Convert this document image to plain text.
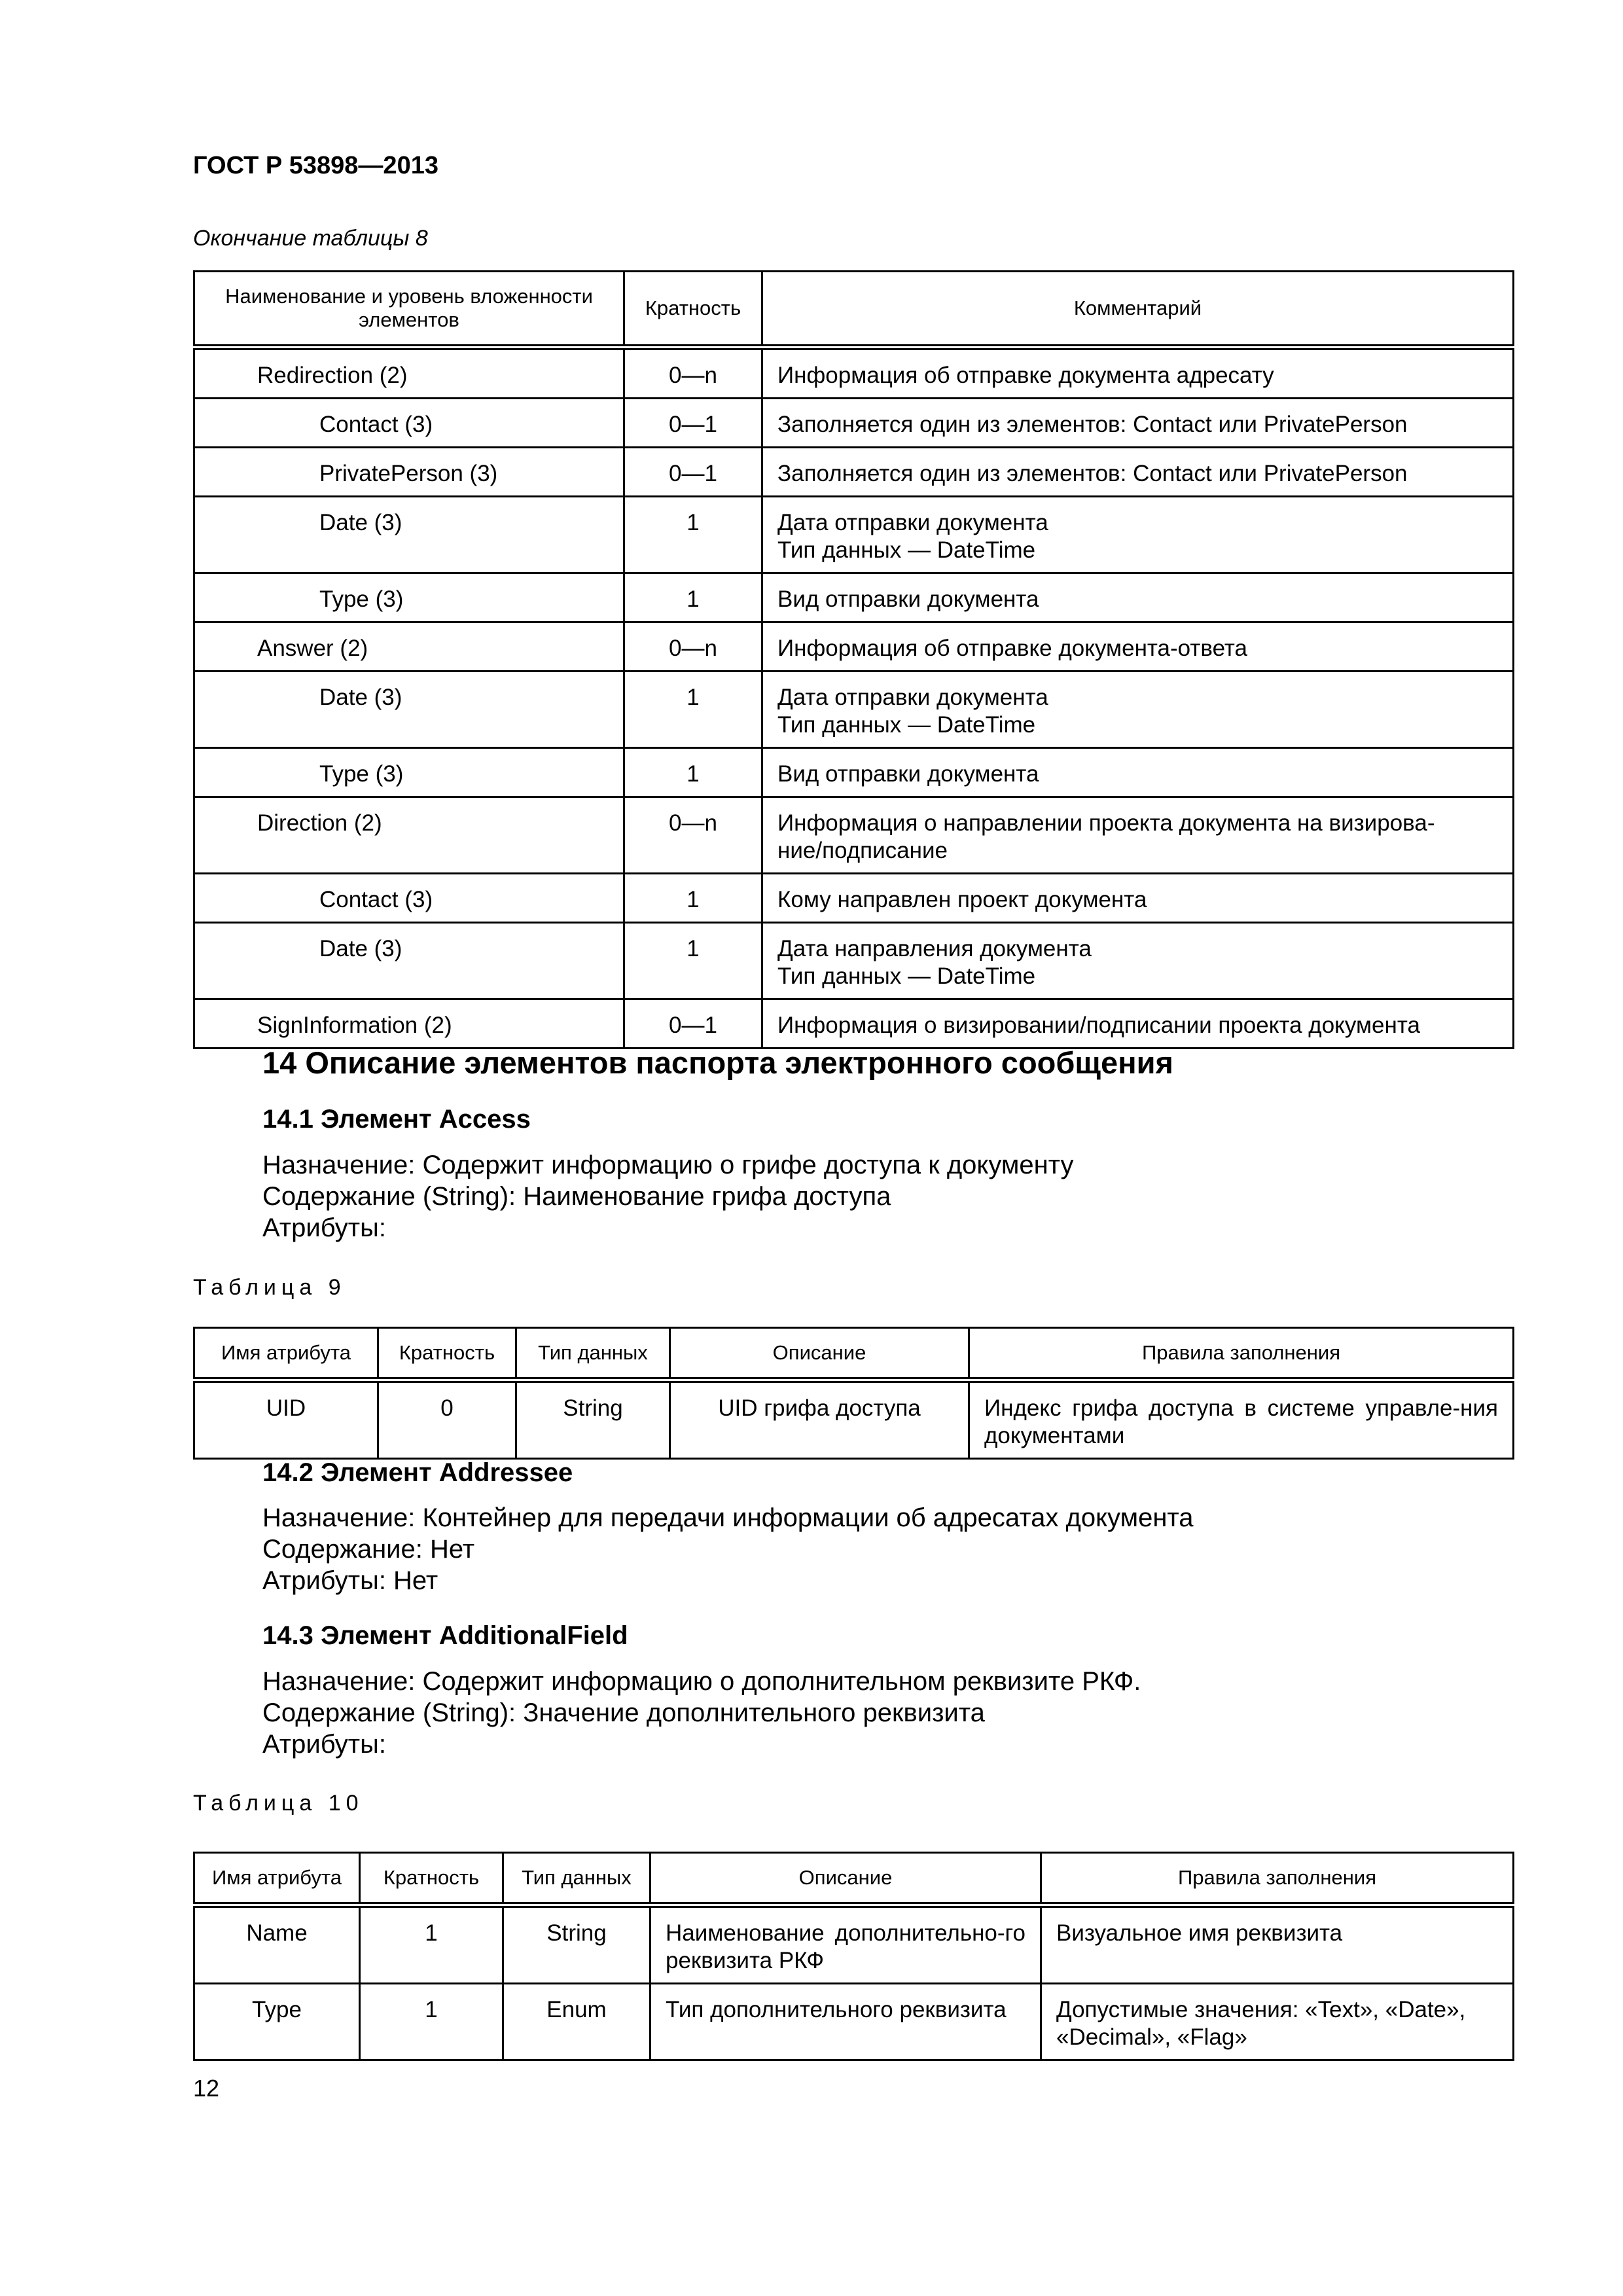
ГОСТ Р 53898—2013
Окончание таблицы 8
Наименование и уровень вложенности элементов	Кратность	Комментарий
Redirection (2)	0—n	Информация об отправке документа адресату

Contact (3)	0—1	Заполняется один из элементов: Contact или PrivatePerson

PrivatePerson (3)	0—1	Заполняется один из элементов: Contact или PrivatePerson

Date (3)	1	Дата отправки документа
Тип данных — DateTime

Type (3)	1	Вид отправки документа

Answer (2)	0—n	Информация об отправке документа-ответа

Date (3)	1	Дата отправки документа
Тип данных — DateTime

Type (3)	1	Вид отправки документа

Direction (2)	0—n	Информация о направлении проекта документа на визирова-
ние/подписание

Contact (3)	1	Кому направлен проект документа

Date (3)	1	Дата направления документа
Тип данных — DateTime

SignInformation (2)	0—1	Информация о визировании/подписании проекта документа
14 Описание элементов паспорта электронного сообщения
14.1 Элемент Access
Назначение: Содержит информацию о грифе доступа к документу
Содержание (String): Наименование грифа доступа
Атрибуты:
Таблица 9
Имя атрибута	Кратность	Тип данных	Описание	Правила заполнения
UID	0	String	UID грифа доступа	Индекс грифа доступа в системе управле-ния документами
14.2 Элемент Addressee
Назначение: Контейнер для передачи информации об адресатах документа
Содержание: Нет
Атрибуты: Нет
14.3 Элемент AdditionalField
Назначение: Содержит информацию о дополнительном реквизите РКФ.
Содержание (String): Значение дополнительного реквизита
Атрибуты:
Таблица 10
Имя атрибута	Кратность	Тип данных	Описание	Правила заполнения
Name	1	String	Наименование дополнительно-го реквизита РКФ	Визуальное имя реквизита
Type	1	Enum	Тип дополнительного реквизита	Допустимые значения: «Text», «Date», «Decimal», «Flag»
12
